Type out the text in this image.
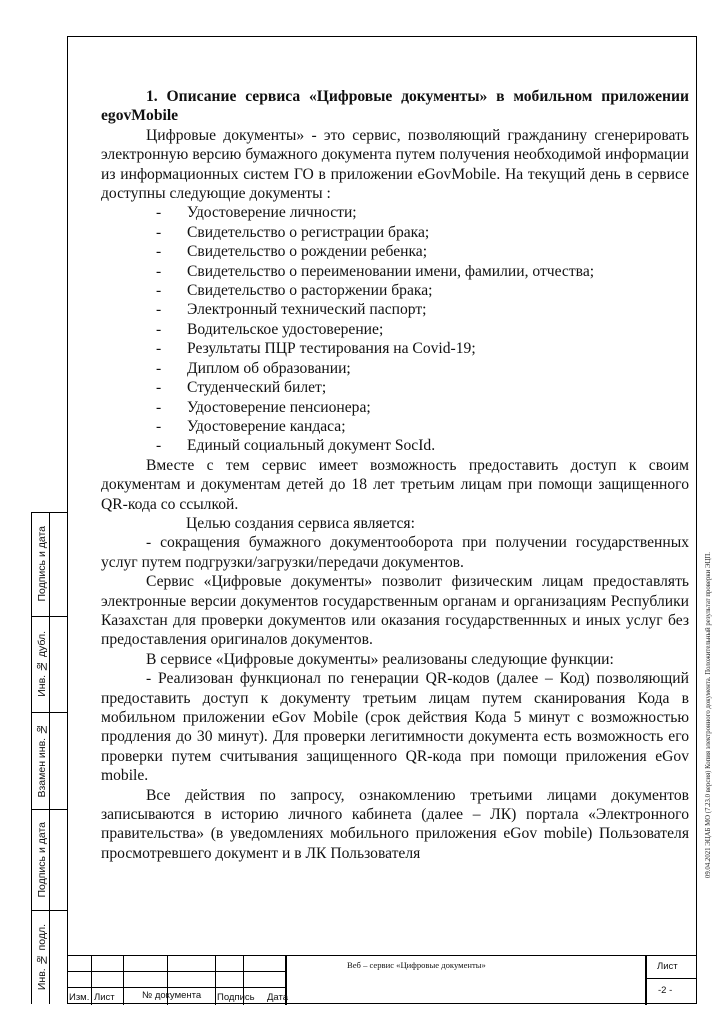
1. Описание сервиса «Цифровые документы» в мобильном приложении egovMobile

Цифровые документы» - это сервис, позволяющий гражданину сгенерировать электронную версию бумажного документа путем получения необходимой информации из информационных систем ГО в приложении eGovMobile. На текущий день в сервисе доступны следующие документы :

- Удостоверение личности;
- Свидетельство о регистрации брака;
- Свидетельство о рождении ребенка;
- Свидетельство о переименовании имени, фамилии, отчества;
- Свидетельство о расторжении брака;
- Электронный технический паспорт;
- Водительское удостоверение;
- Результаты ПЦР тестирования на Covid-19;
- Диплом об образовании;
- Студенческий билет;
- Удостоверение пенсионера;
- Удостоверение кандаса;
- Единый социальный документ SocId.

Вместе с тем сервис имеет возможность предоставить доступ к своим документам и документам детей до 18 лет третьим лицам при помощи защищенного QR-кода со ссылкой.

Целью создания сервиса является:

- сокращения бумажного документооборота при получении государственных услуг путем подгрузки/загрузки/передачи документов.

Сервис «Цифровые документы» позволит физическим лицам предоставлять электронные версии документов государственным органам и организациям Республики Казахстан для проверки документов или оказания государственнных и иных услуг без предоставления оригиналов документов.

В сервисе «Цифровые документы» реализованы следующие функции:

- Реализован функционал по генерации QR-кодов (далее – Код) позволяющий предоставить доступ к документу третьим лицам путем сканирования Кода в мобильном приложении eGov Mobile (срок действия Кода 5 минут с возможностью продления до 30 минут). Для проверки легитимности документа есть возможность его проверки путем считывания защищенного QR-кода при помощи приложения eGov mobile.

Все действия по запросу, ознакомлению третьими лицами документов записываются в историю личного кабинета (далее – ЛК) портала «Электронного правительства» (в уведомлениях мобильного приложения eGov mobile) Пользователя просмотревшего документ и в ЛК Пользователя

Подпись и дата
Инв. № дубл.
Взамен инв. №
Подпись и дата
Инв. № подл.
09.04.2021 ЭЦАБ МО (7.23.0 версия) Копия электронного документа. Положительный результат проверки ЭЦП.
Веб – сервис «Цифровые документы»	Лист
-2 -
Изм. Лист	№ документа Подпись Дата
